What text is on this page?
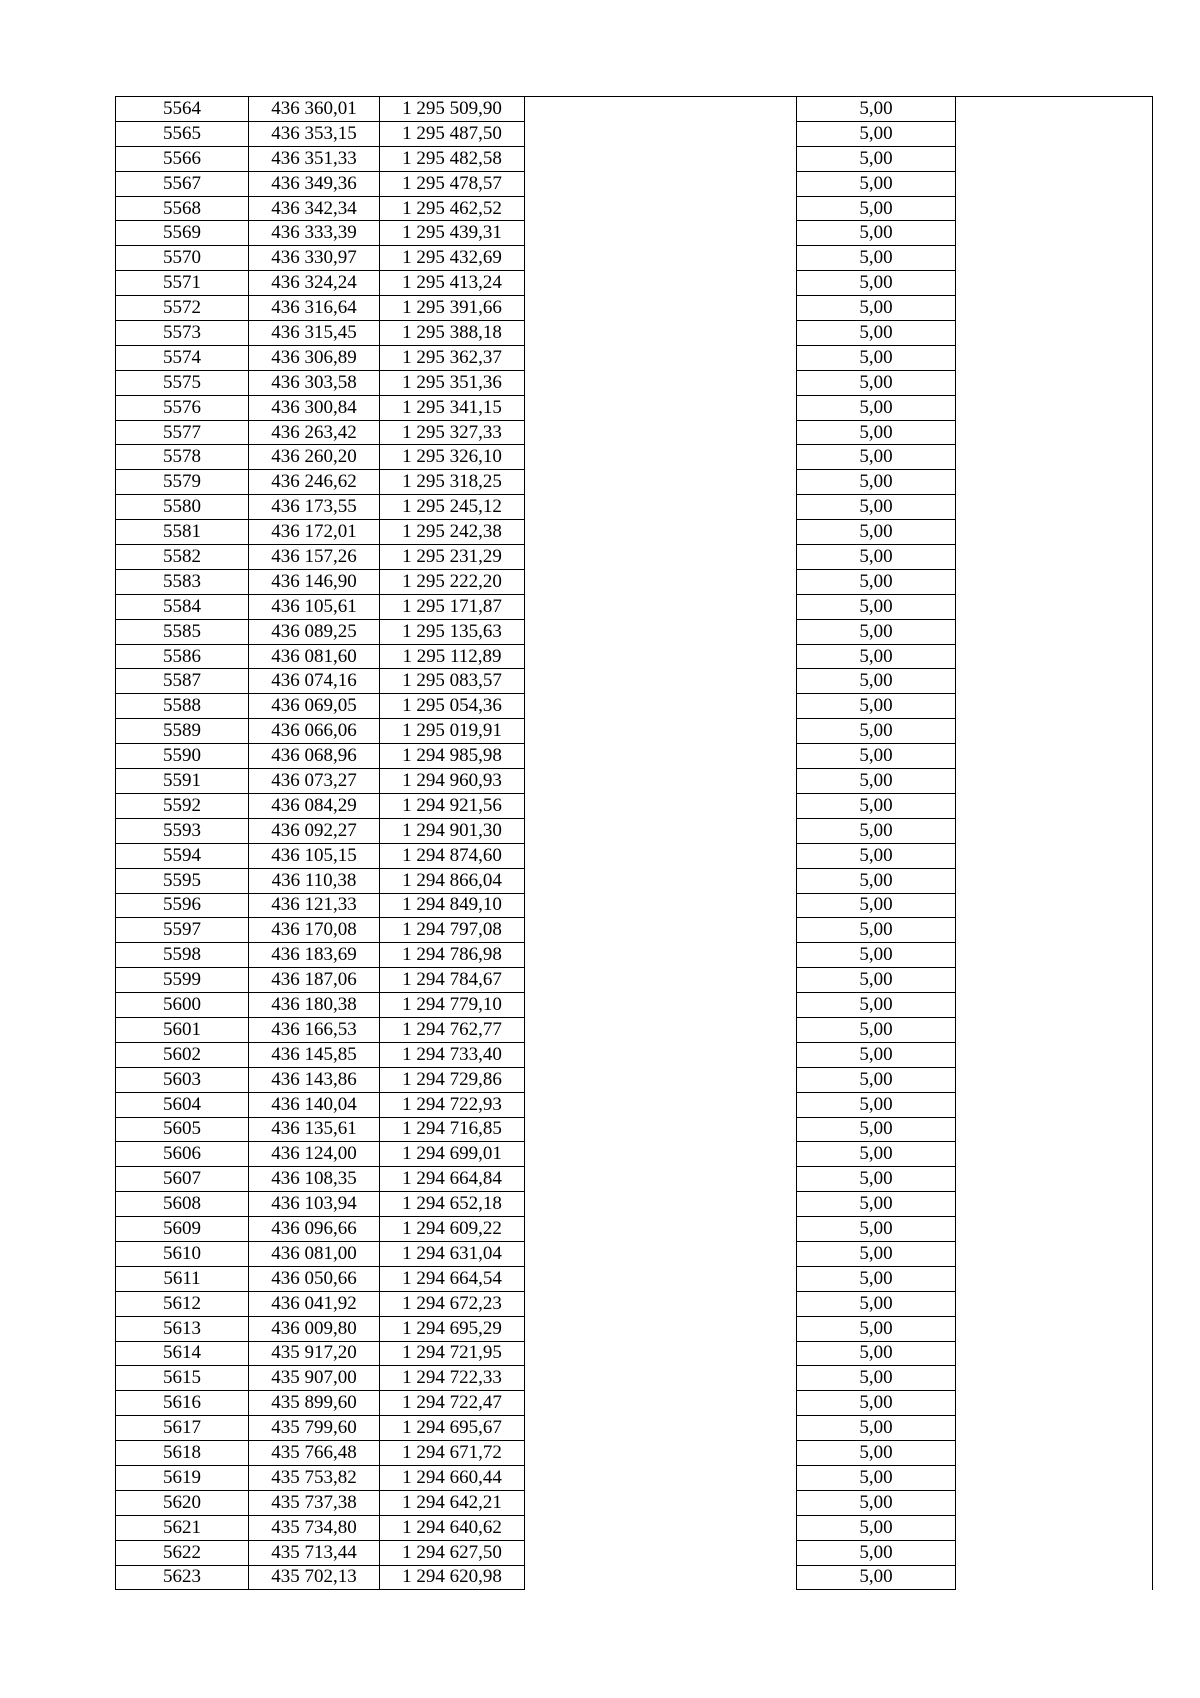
5564	436 360,01	1 295 509,90		5,00	
5565	436 353,15	1 295 487,50		5,00	
5566	436 351,33	1 295 482,58		5,00	
5567	436 349,36	1 295 478,57		5,00	
5568	436 342,34	1 295 462,52		5,00	
5569	436 333,39	1 295 439,31		5,00	
5570	436 330,97	1 295 432,69		5,00	
5571	436 324,24	1 295 413,24		5,00	
5572	436 316,64	1 295 391,66		5,00	
5573	436 315,45	1 295 388,18		5,00	
5574	436 306,89	1 295 362,37		5,00	
5575	436 303,58	1 295 351,36		5,00	
5576	436 300,84	1 295 341,15		5,00	
5577	436 263,42	1 295 327,33		5,00	
5578	436 260,20	1 295 326,10		5,00	
5579	436 246,62	1 295 318,25		5,00	
5580	436 173,55	1 295 245,12		5,00	
5581	436 172,01	1 295 242,38		5,00	
5582	436 157,26	1 295 231,29		5,00	
5583	436 146,90	1 295 222,20		5,00	
5584	436 105,61	1 295 171,87		5,00	
5585	436 089,25	1 295 135,63		5,00	
5586	436 081,60	1 295 112,89		5,00	
5587	436 074,16	1 295 083,57		5,00	
5588	436 069,05	1 295 054,36		5,00	
5589	436 066,06	1 295 019,91		5,00	
5590	436 068,96	1 294 985,98		5,00	
5591	436 073,27	1 294 960,93		5,00	
5592	436 084,29	1 294 921,56		5,00	
5593	436 092,27	1 294 901,30		5,00	
5594	436 105,15	1 294 874,60		5,00	
5595	436 110,38	1 294 866,04		5,00	
5596	436 121,33	1 294 849,10		5,00	
5597	436 170,08	1 294 797,08		5,00	
5598	436 183,69	1 294 786,98		5,00	
5599	436 187,06	1 294 784,67		5,00	
5600	436 180,38	1 294 779,10		5,00	
5601	436 166,53	1 294 762,77		5,00	
5602	436 145,85	1 294 733,40		5,00	
5603	436 143,86	1 294 729,86		5,00	
5604	436 140,04	1 294 722,93		5,00	
5605	436 135,61	1 294 716,85		5,00	
5606	436 124,00	1 294 699,01		5,00	
5607	436 108,35	1 294 664,84		5,00	
5608	436 103,94	1 294 652,18		5,00	
5609	436 096,66	1 294 609,22		5,00	
5610	436 081,00	1 294 631,04		5,00	
5611	436 050,66	1 294 664,54		5,00	
5612	436 041,92	1 294 672,23		5,00	
5613	436 009,80	1 294 695,29		5,00	
5614	435 917,20	1 294 721,95		5,00	
5615	435 907,00	1 294 722,33		5,00	
5616	435 899,60	1 294 722,47		5,00	
5617	435 799,60	1 294 695,67		5,00	
5618	435 766,48	1 294 671,72		5,00	
5619	435 753,82	1 294 660,44		5,00	
5620	435 737,38	1 294 642,21		5,00	
5621	435 734,80	1 294 640,62		5,00	
5622	435 713,44	1 294 627,50		5,00	
5623	435 702,13	1 294 620,98		5,00	
